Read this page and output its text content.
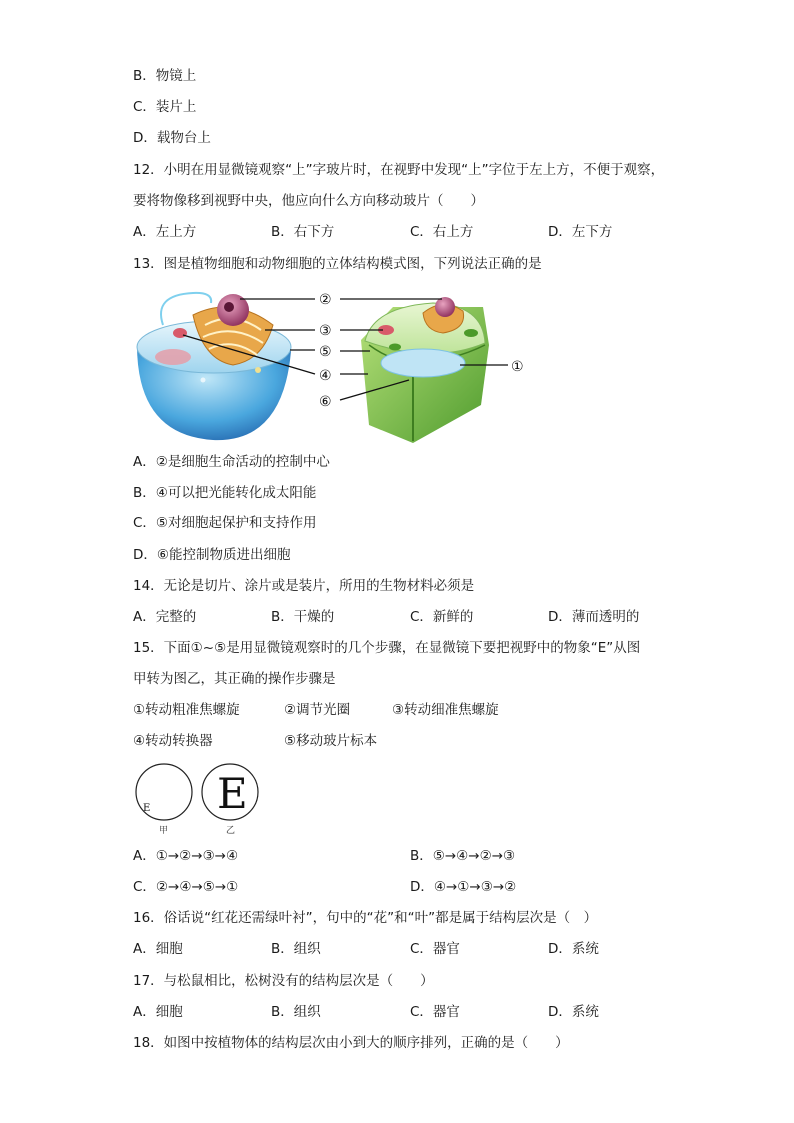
B．物镜上
C．装片上
D．载物台上
12．小明在用显微镜观察“上”字玻片时，在视野中发现“上”字位于左上方，不便于观察，
要将物像移到视野中央，他应向什么方向移动玻片（　　）
A．左上方	B．右下方	C．右上方	D．左下方
13．图是植物细胞和动物细胞的立体结构模式图，下列说法正确的是
②
③
⑤
④
⑥
①
A．②是细胞生命活动的控制中心
B．④可以把光能转化成太阳能
C．⑤对细胞起保护和支持作用
D．⑥能控制物质进出细胞
14．无论是切片、涂片或是装片，所用的生物材料必须是
A．完整的	B．干燥的	C．新鲜的	D．薄而透明的
15．下面①~⑤是用显微镜观察时的几个步骤，在显微镜下要把视野中的物象“E”从图
甲转为图乙，其正确的操作步骤是
①转动粗准焦螺旋	②调节光圈	③转动细准焦螺旋
④转动转换器	⑤移动玻片标本
E E
甲	乙
A．①→②→③→④	B．⑤→④→②→③
C．②→④→⑤→①	D．④→①→③→②
16．俗话说“红花还需绿叶衬”，句中的“花”和“叶”都是属于结构层次是（　）
A．细胞	B．组织	C．器官	D．系统
17．与松鼠相比，松树没有的结构层次是（　　）
A．细胞	B．组织	C．器官	D．系统
18．如图中按植物体的结构层次由小到大的顺序排列，正确的是（　　）
